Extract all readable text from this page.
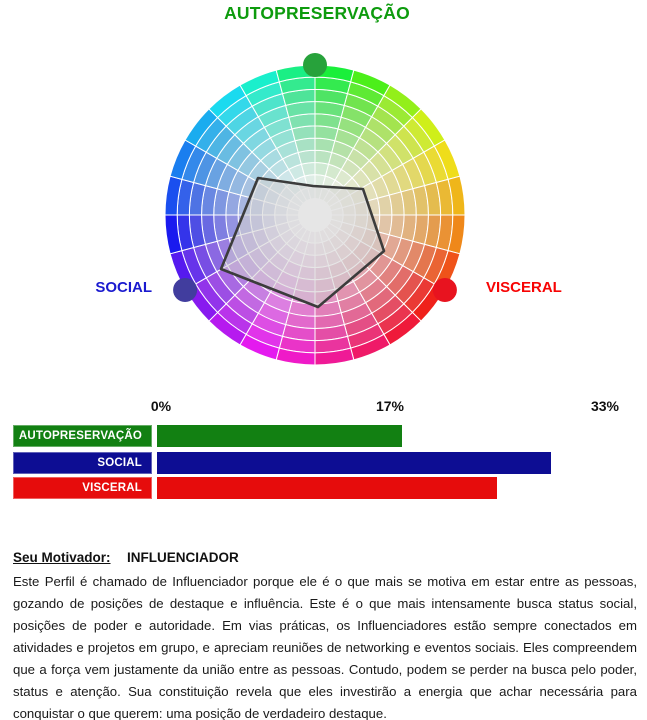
AUTOPRESERVAÇÃO
SOCIAL	VISCERAL
0%	17%	33%
AUTOPRESERVAÇÃO
SOCIAL
VISCERAL
Seu Motivador: INFLUENCIADOR

Este Perfil é chamado de Influenciador porque ele é o que mais se motiva em estar entre as pessoas, gozando de posições de destaque e influência. Este é o que mais intensamente busca status social, posições de poder e autoridade. Em vias práticas, os Influenciadores estão sempre conectados em atividades e projetos em grupo, e apreciam reuniões de networking e eventos sociais. Eles compreendem que a força vem justamente da união entre as pessoas. Contudo, podem se perder na busca pelo poder, status e atenção. Sua constituição revela que eles investirão a energia que achar necessária para conquistar o que querem: uma posição de verdadeiro destaque.
